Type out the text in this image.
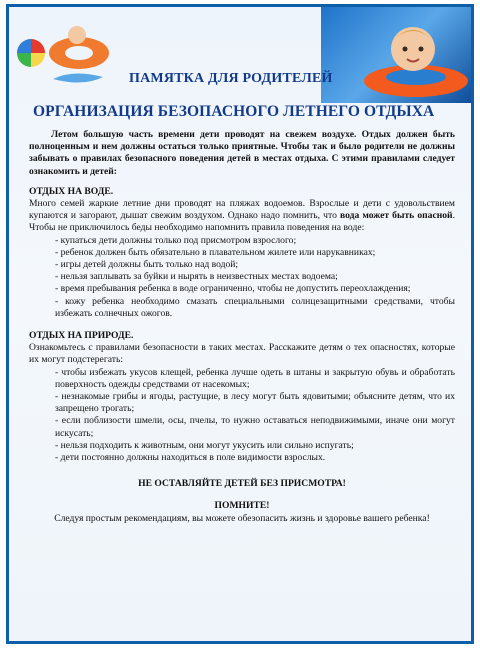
ПАМЯТКА ДЛЯ РОДИТЕЛЕЙ
ОРГАНИЗАЦИЯ БЕЗОПАСНОГО ЛЕТНЕГО ОТДЫХА

Летом большую часть времени дети проводят на свежем воздухе. Отдых должен быть полноценным и нем должны остаться только приятные. Чтобы так и было родители не должны забывать о правилах безопасного поведения детей в местах отдыха. С этими правилами следует ознакомить и детей:

ОТДЫХ НА ВОДЕ.

Много семей жаркие летние дни проводят на пляжах водоемов. Взрослые и дети с удовольствием купаются и загорают, дышат свежим воздухом. Однако надо помнить, что вода может быть опасной. Чтобы не приключилось беды необходимо напомнить правила поведения на воде:

- купаться дети должны только под присмотром взрослого;
- ребенок должен быть обязательно в плавательном жилете или нарукавниках;
- игры детей должны быть только над водой;
- нельзя заплывать за буйки и нырять в неизвестных местах водоема;
- время пребывания ребенка в воде ограниченно, чтобы не допустить переохлаждения;
- кожу ребенка необходимо смазать специальными солнцезащитными средствами, чтобы избежать солнечных ожогов.

ОТДЫХ НА ПРИРОДЕ.

Ознакомьтесь с правилами безопасности в таких местах. Расскажите детям о тех опасностях, которые их могут подстерегать:

- чтобы избежать укусов клещей, ребенка лучше одеть в штаны и закрытую обувь и обработать поверхность одежды средствами от насекомых;
- незнакомые грибы и ягоды, растущие, в лесу могут быть ядовитыми; объясните детям, что их запрещено трогать;
- если поблизости шмели, осы, пчелы, то нужно оставаться неподвижимыми, иначе они могут искусать;
- нельзя подходить к животным, они могут укусить или сильно испугать;
- дети постоянно должны находиться в поле видимости взрослых.

НЕ ОСТАВЛЯЙТЕ ДЕТЕЙ БЕЗ ПРИСМОТРА!

ПОМНИТЕ!

Следуя простым рекомендациям, вы можете обезопасить жизнь и здоровье вашего ребенка!
